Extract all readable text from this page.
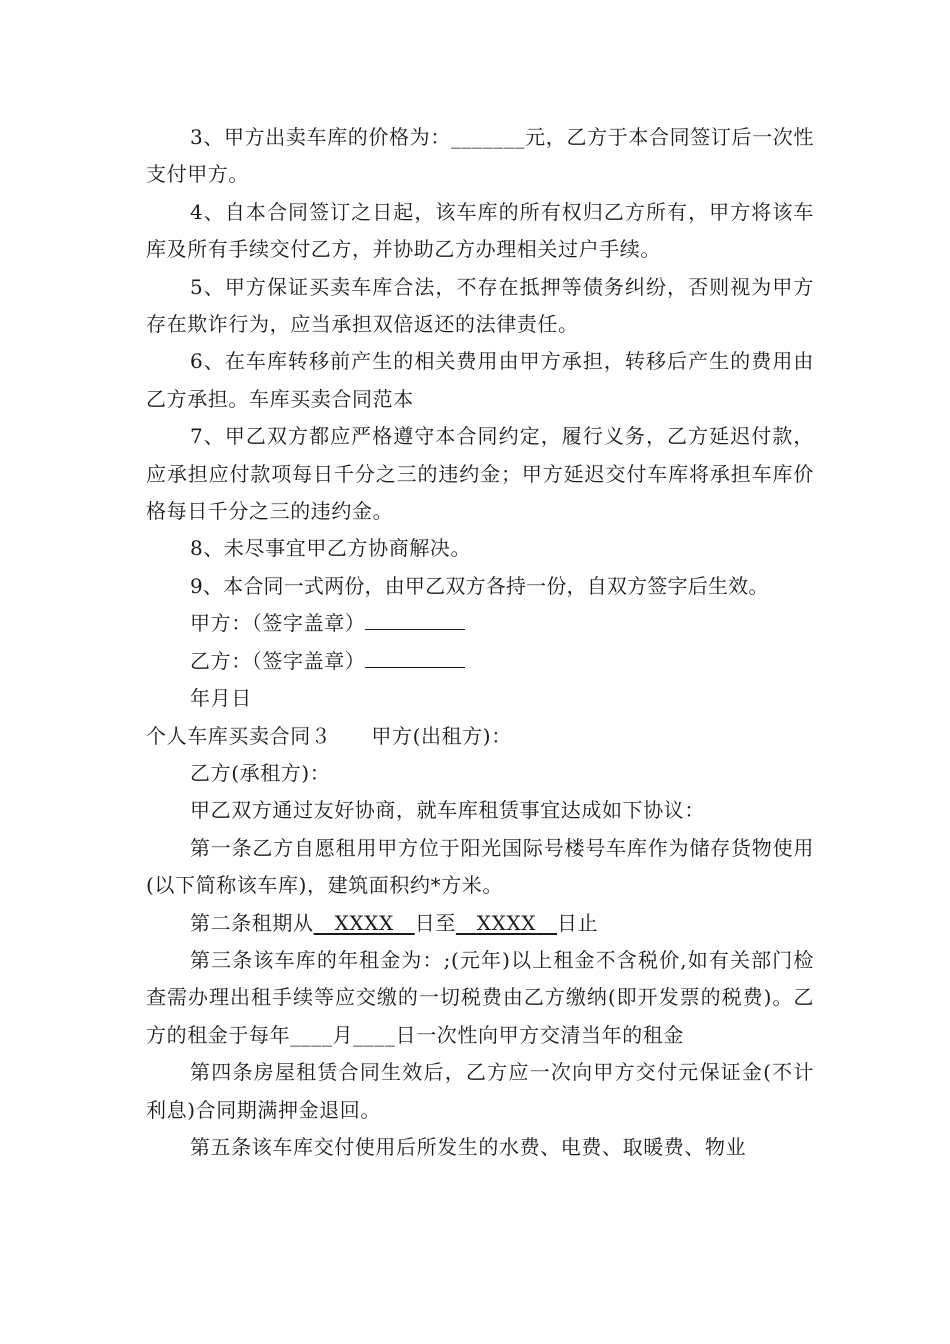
3、甲方出卖车库的价格为：_______元，乙方于本合同签订后一次性支付甲方。

4、自本合同签订之日起，该车库的所有权归乙方所有，甲方将该车库及所有手续交付乙方，并协助乙方办理相关过户手续。

5、甲方保证买卖车库合法，不存在抵押等债务纠纷，否则视为甲方存在欺诈行为，应当承担双倍返还的法律责任。

6、在车库转移前产生的相关费用由甲方承担，转移后产生的费用由乙方承担。车库买卖合同范本

7、甲乙双方都应严格遵守本合同约定，履行义务，乙方延迟付款，应承担应付款项每日千分之三的违约金；甲方延迟交付车库将承担车库价格每日千分之三的违约金。

8、未尽事宜甲乙方协商解决。

9、本合同一式两份，由甲乙双方各持一份，自双方签字后生效。

甲方：（签字盖章）

乙方：（签字盖章）

年月日

个人车库买卖合同３ 甲方(出租方)：

乙方(承租方)：

甲乙双方通过友好协商，就车库租赁事宜达成如下协议：

第一条乙方自愿租用甲方位于阳光国际号楼号车库作为储存货物使用(以下简称该车库)，建筑面积约*方米。

第二条租期从 XXXX 日至 XXXX 日止

第三条该车库的年租金为：;(元年)以上租金不含税价,如有关部门检查需办理出租手续等应交缴的一切税费由乙方缴纳(即开发票的税费)。乙方的租金于每年____月____日一次性向甲方交清当年的租金

第四条房屋租赁合同生效后，乙方应一次向甲方交付元保证金(不计利息)合同期满押金退回。

第五条该车库交付使用后所发生的水费、电费、取暖费、物业
